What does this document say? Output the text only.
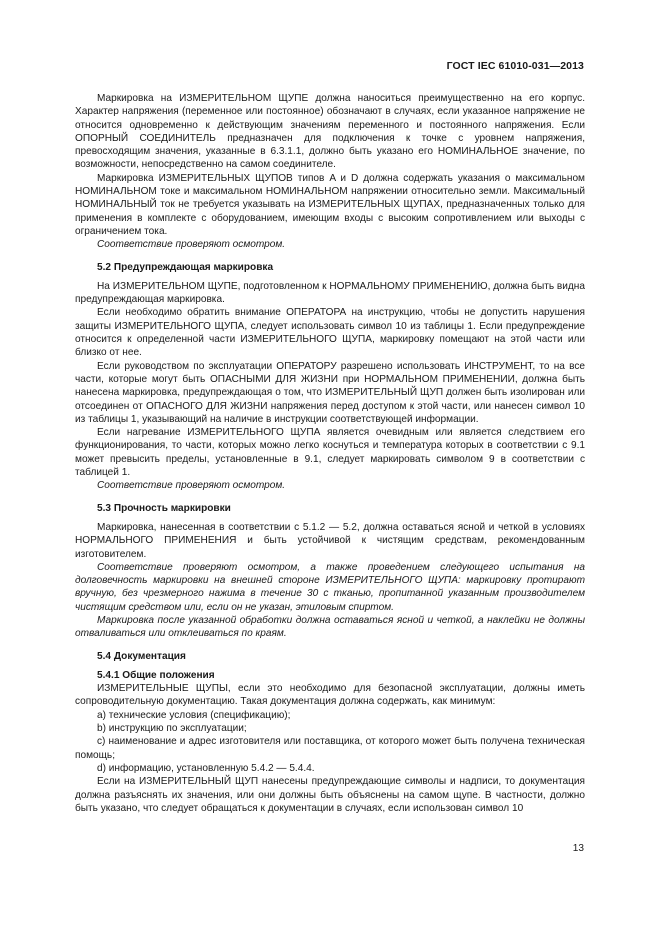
ГОСТ IEC 61010-031—2013

Маркировка на ИЗМЕРИТЕЛЬНОМ ЩУПЕ должна наноситься преимущественно на его корпус. Характер напряжения (переменное или постоянное) обозначают в случаях, если указанное напряжение не относится одновременно к действующим значениям переменного и постоянного напряжения. Если ОПОРНЫЙ СОЕДИНИТЕЛЬ предназначен для подключения к точке с уровнем напряжения, превосходящим значения, указанные в 6.3.1.1, должно быть указано его НОМИНАЛЬНОЕ значение, по возможности, непосредственно на самом соединителе.

Маркировка ИЗМЕРИТЕЛЬНЫХ ЩУПОВ типов A и D должна содержать указания о максимальном НОМИНАЛЬНОМ токе и максимальном НОМИНАЛЬНОМ напряжении относительно земли. Максимальный НОМИНАЛЬНЫЙ ток не требуется указывать на ИЗМЕРИТЕЛЬНЫХ ЩУПАХ, предназначенных только для применения в комплекте с оборудованием, имеющим входы с высоким сопротивлением или выходы с ограничением тока.

Соответствие проверяют осмотром.

5.2 Предупреждающая маркировка

На ИЗМЕРИТЕЛЬНОМ ЩУПЕ, подготовленном к НОРМАЛЬНОМУ ПРИМЕНЕНИЮ, должна быть видна предупреждающая маркировка.

Если необходимо обратить внимание ОПЕРАТОРА на инструкцию, чтобы не допустить нарушения защиты ИЗМЕРИТЕЛЬНОГО ЩУПА, следует использовать символ 10 из таблицы 1. Если предупреждение относится к определенной части ИЗМЕРИТЕЛЬНОГО ЩУПА, маркировку помещают на этой части или близко от нее.

Если руководством по эксплуатации ОПЕРАТОРУ разрешено использовать ИНСТРУМЕНТ, то на все части, которые могут быть ОПАСНЫМИ ДЛЯ ЖИЗНИ при НОРМАЛЬНОМ ПРИМЕНЕНИИ, должна быть нанесена маркировка, предупреждающая о том, что ИЗМЕРИТЕЛЬНЫЙ ЩУП должен быть изолирован или отсоединен от ОПАСНОГО ДЛЯ ЖИЗНИ напряжения перед доступом к этой части, или нанесен символ 10 из таблицы 1, указывающий на наличие в инструкции соответствующей информации.

Если нагревание ИЗМЕРИТЕЛЬНОГО ЩУПА является очевидным или является следствием его функционирования, то части, которых можно легко коснуться и температура которых в соответствии с 9.1 может превысить пределы, установленные в 9.1, следует маркировать символом 9 в соответствии с таблицей 1.

Соответствие проверяют осмотром.

5.3 Прочность маркировки

Маркировка, нанесенная в соответствии с 5.1.2 — 5.2, должна оставаться ясной и четкой в условиях НОРМАЛЬНОГО ПРИМЕНЕНИЯ и быть устойчивой к чистящим средствам, рекомендованным изготовителем.

Соответствие проверяют осмотром, а также проведением следующего испытания на долговечность маркировки на внешней стороне ИЗМЕРИТЕЛЬНОГО ЩУПА: маркировку протирают вручную, без чрезмерного нажима в течение 30 с тканью, пропитанной указанным производителем чистящим средством или, если он не указан, этиловым спиртом.

Маркировка после указанной обработки должна оставаться ясной и четкой, а наклейки не должны отваливаться или отклеиваться по краям.

5.4 Документация

5.4.1 Общие положения

ИЗМЕРИТЕЛЬНЫЕ ЩУПЫ, если это необходимо для безопасной эксплуатации, должны иметь сопроводительную документацию. Такая документация должна содержать, как минимум:

a) технические условия (спецификацию);

b) инструкцию по эксплуатации;

c) наименование и адрес изготовителя или поставщика, от которого может быть получена техническая помощь;

d) информацию, установленную 5.4.2 — 5.4.4.

Если на ИЗМЕРИТЕЛЬНЫЙ ЩУП нанесены предупреждающие символы и надписи, то документация должна разъяснять их значения, или они должны быть объяснены на самом щупе. В частности, должно быть указано, что следует обращаться к документации в случаях, если использован символ 10

13
